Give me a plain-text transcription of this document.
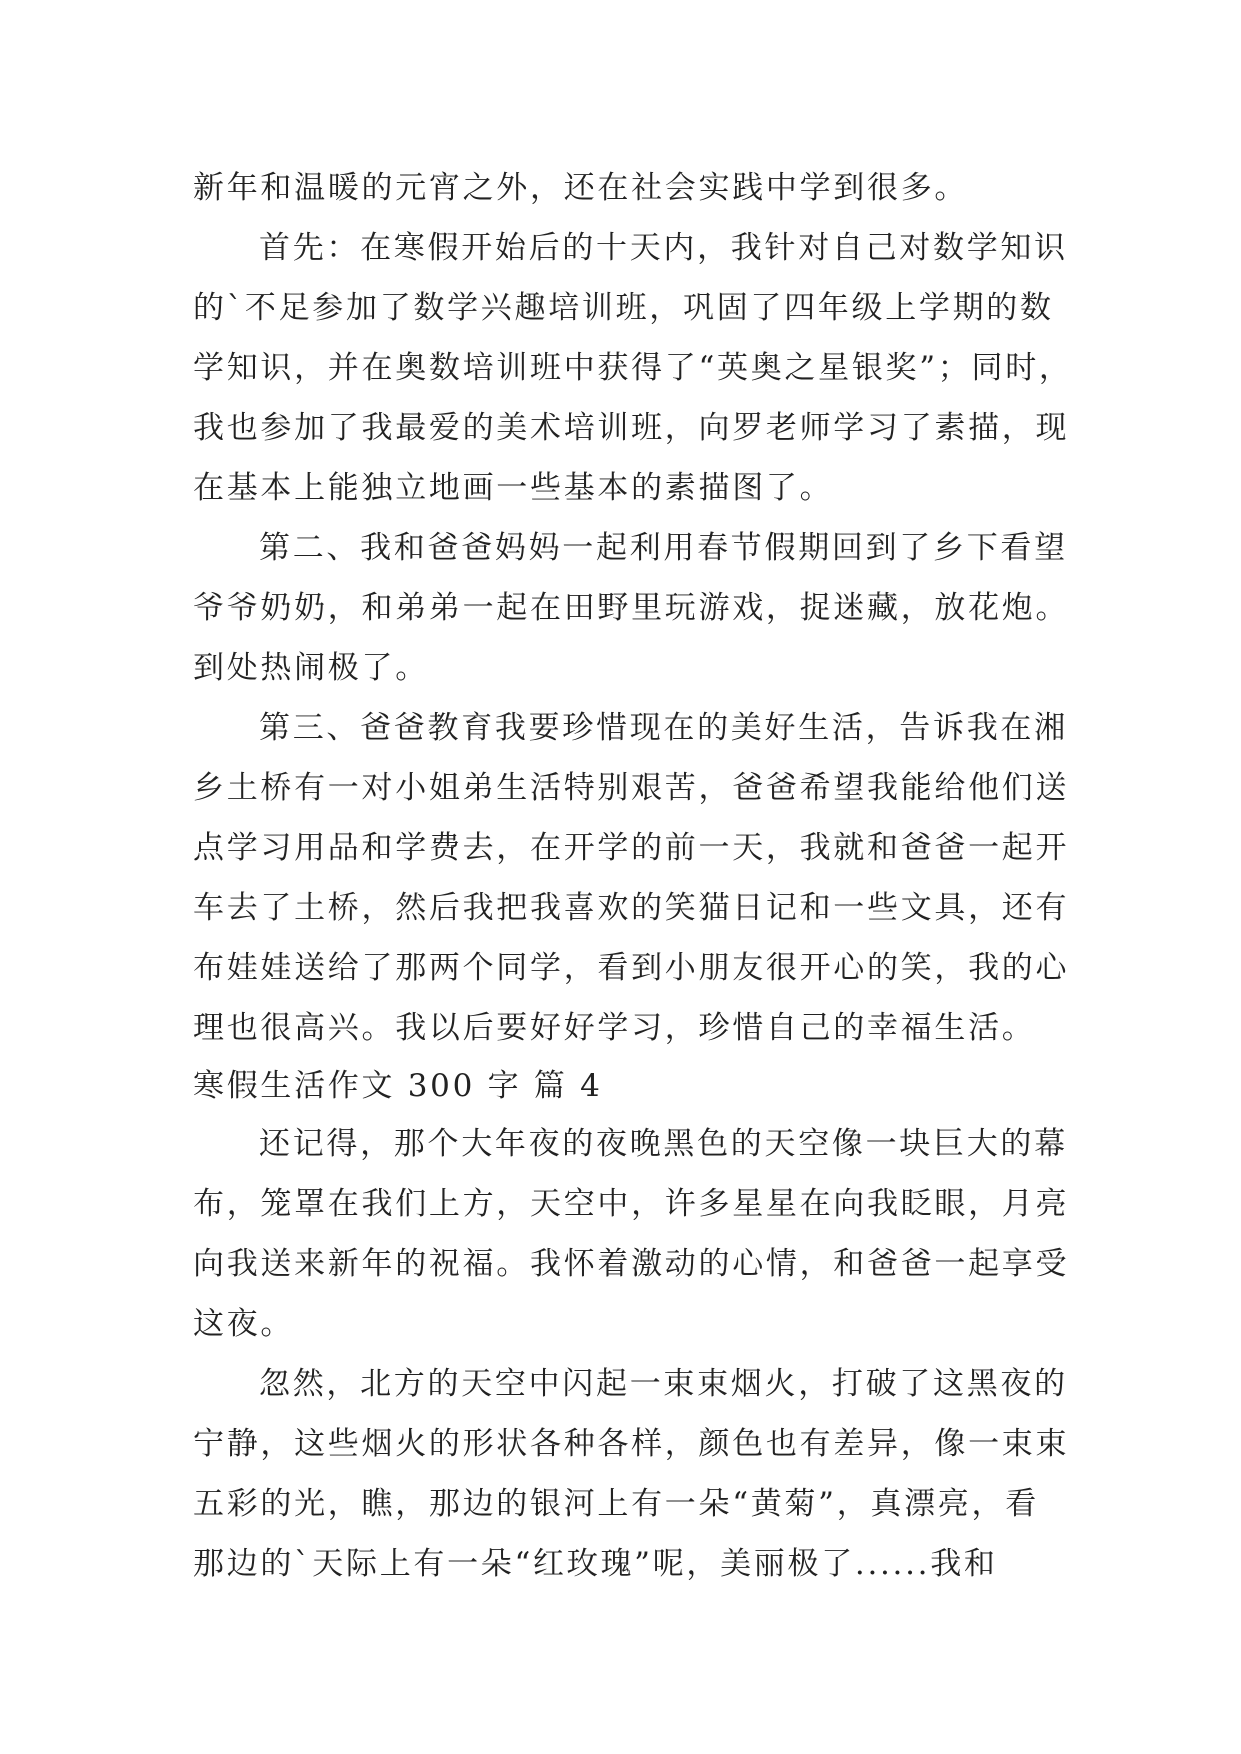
新年和温暖的元宵之外，还在社会实践中学到很多。
首先：在寒假开始后的十天内，我针对自己对数学知识
的`不足参加了数学兴趣培训班，巩固了四年级上学期的数
学知识，并在奥数培训班中获得了“英奥之星银奖”；同时，
我也参加了我最爱的美术培训班，向罗老师学习了素描，现
在基本上能独立地画一些基本的素描图了。
第二、我和爸爸妈妈一起利用春节假期回到了乡下看望
爷爷奶奶，和弟弟一起在田野里玩游戏，捉迷藏，放花炮。
到处热闹极了。
第三、爸爸教育我要珍惜现在的美好生活，告诉我在湘
乡土桥有一对小姐弟生活特别艰苦，爸爸希望我能给他们送
点学习用品和学费去，在开学的前一天，我就和爸爸一起开
车去了土桥，然后我把我喜欢的笑猫日记和一些文具，还有
布娃娃送给了那两个同学，看到小朋友很开心的笑，我的心
理也很高兴。我以后要好好学习，珍惜自己的幸福生活。
寒假生活作文 300 字 篇 4
还记得，那个大年夜的夜晚黑色的天空像一块巨大的幕
布，笼罩在我们上方，天空中，许多星星在向我眨眼，月亮
向我送来新年的祝福。我怀着激动的心情，和爸爸一起享受
这夜。
忽然，北方的天空中闪起一束束烟火，打破了这黑夜的
宁静，这些烟火的形状各种各样，颜色也有差异，像一束束
五彩的光，瞧，那边的银河上有一朵“黄菊”，真漂亮，看
那边的`天际上有一朵“红玫瑰”呢，美丽极了......我和
